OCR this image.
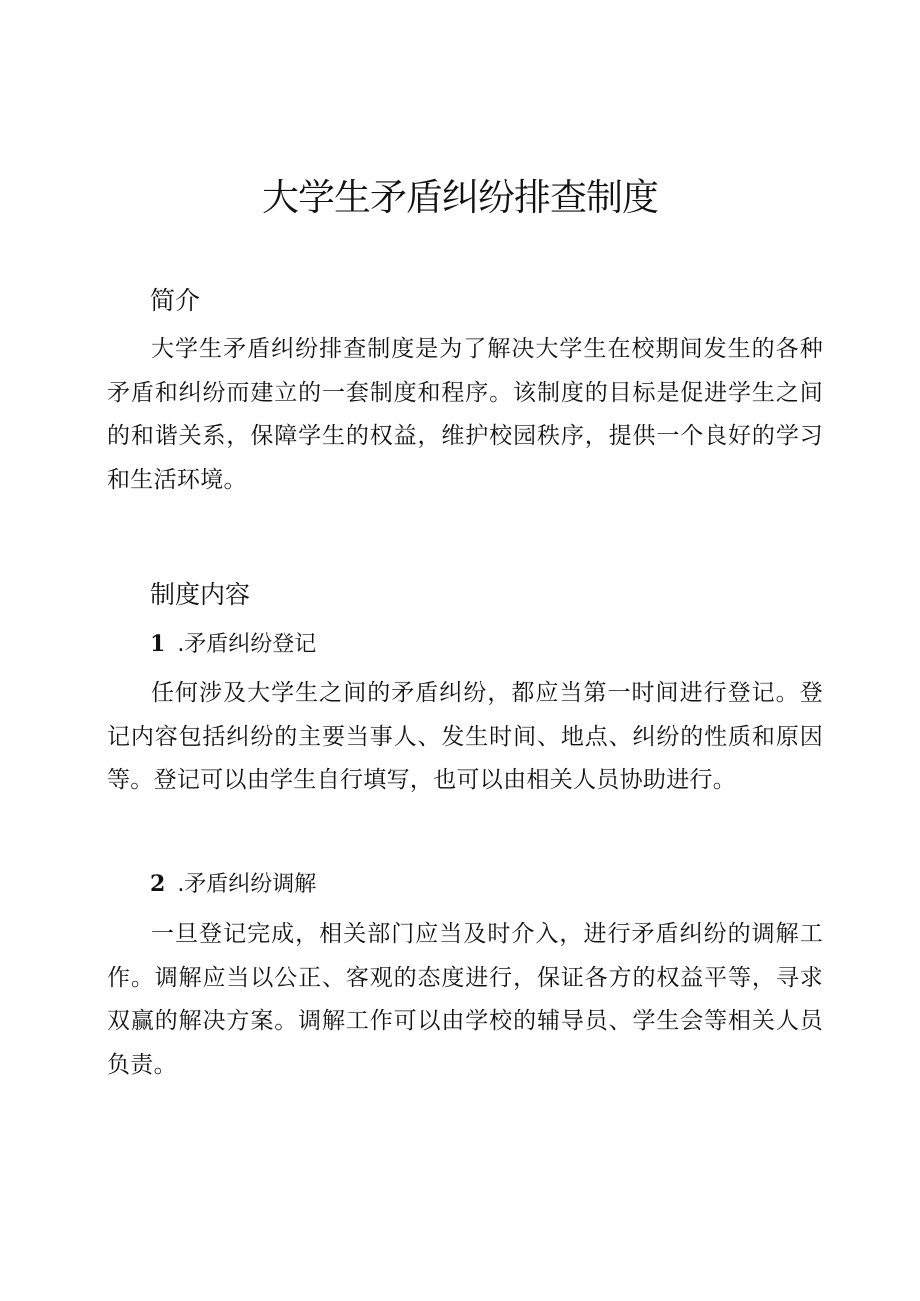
大学生矛盾纠纷排查制度
简介

大学生矛盾纠纷排查制度是为了解决大学生在校期间发生的各种矛盾和纠纷而建立的一套制度和程序。该制度的目标是促进学生之间的和谐关系，保障学生的权益，维护校园秩序，提供一个良好的学习和生活环境。

制度内容
1 .矛盾纠纷登记

任何涉及大学生之间的矛盾纠纷，都应当第一时间进行登记。登记内容包括纠纷的主要当事人、发生时间、地点、纠纷的性质和原因等。登记可以由学生自行填写，也可以由相关人员协助进行。

2 .矛盾纠纷调解

一旦登记完成，相关部门应当及时介入，进行矛盾纠纷的调解工作。调解应当以公正、客观的态度进行，保证各方的权益平等，寻求双赢的解决方案。调解工作可以由学校的辅导员、学生会等相关人员负责。
